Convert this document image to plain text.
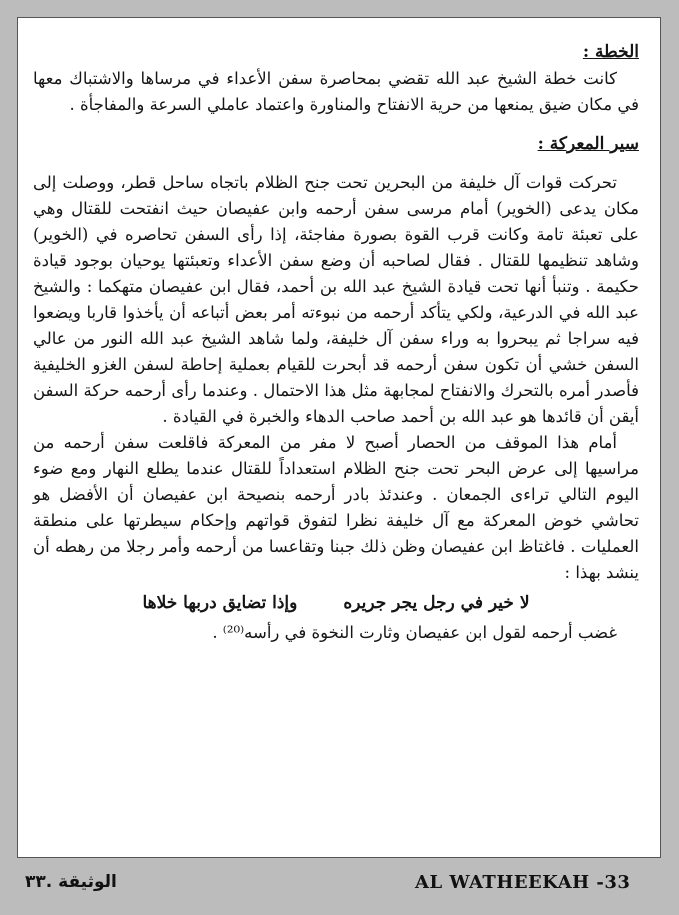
الخطة :

كانت خطة الشيخ عبد الله تقضي بمحاصرة سفن الأعداء في مرساها والاشتباك معها في مكان ضيق يمنعها من حرية الانفتاح والمناورة واعتماد عاملي السرعة والمفاجأة .

سير المعركة :

تحركت قوات آل خليفة من البحرين تحت جنح الظلام باتجاه ساحل قطر، ووصلت إلى مكان يدعى (الخوير) أمام مرسى سفن أرحمه وابن عفيصان حيث انفتحت للقتال وهي على تعبئة تامة وكانت قرب القوة بصورة مفاجئة، إذا رأى السفن تحاصره في (الخوير) وشاهد تنظيمها للقتال . فقال لصاحبه أن وضع سفن الأعداء وتعبئتها يوحيان بوجود قيادة حكيمة . وتنبأ أنها تحت قيادة الشيخ عبد الله بن أحمد، فقال ابن عفيصان متهكما : والشيخ عبد الله في الدرعية، ولكي يتأكد أرحمه من نبوءته أمر بعض أتباعه أن يأخذوا قاربا ويضعوا فيه سراجا ثم يبحروا به وراء سفن آل خليفة، ولما شاهد الشيخ عبد الله النور من عالي السفن خشي أن تكون سفن أرحمه قد أبحرت للقيام بعملية إحاطة لسفن الغزو الخليفية فأصدر أمره بالتحرك والانفتاح لمجابهة مثل هذا الاحتمال . وعندما رأى أرحمه حركة السفن أيقن أن قائدها هو عبد الله بن أحمد صاحب الدهاء والخبرة في القيادة .

أمام هذا الموقف من الحصار أصبح لا مفر من المعركة فاقلعت سفن أرحمه من مراسيها إلى عرض البحر تحت جنح الظلام استعداداً للقتال عندما يطلع النهار ومع ضوء اليوم التالي تراءى الجمعان . وعندئذ بادر أرحمه بنصيحة ابن عفيصان أن الأفضل هو تحاشي خوض المعركة مع آل خليفة نظرا لتفوق قواتهم وإحكام سيطرتها على منطقة العمليات . فاغتاظ ابن عفيصان وظن ذلك جبنا وتقاعسا من أرحمه وأمر رجلا من رهطه أن ينشد بهذا :

لا خير في رجل يجر جريره
وإذا تضايق دربها خلاها

غضب أرحمه لقول ابن عفيصان وثارت النخوة في رأسه⁽²⁰⁾ .

AL WATHEEKAH -33
الوثيقة .٣٣
